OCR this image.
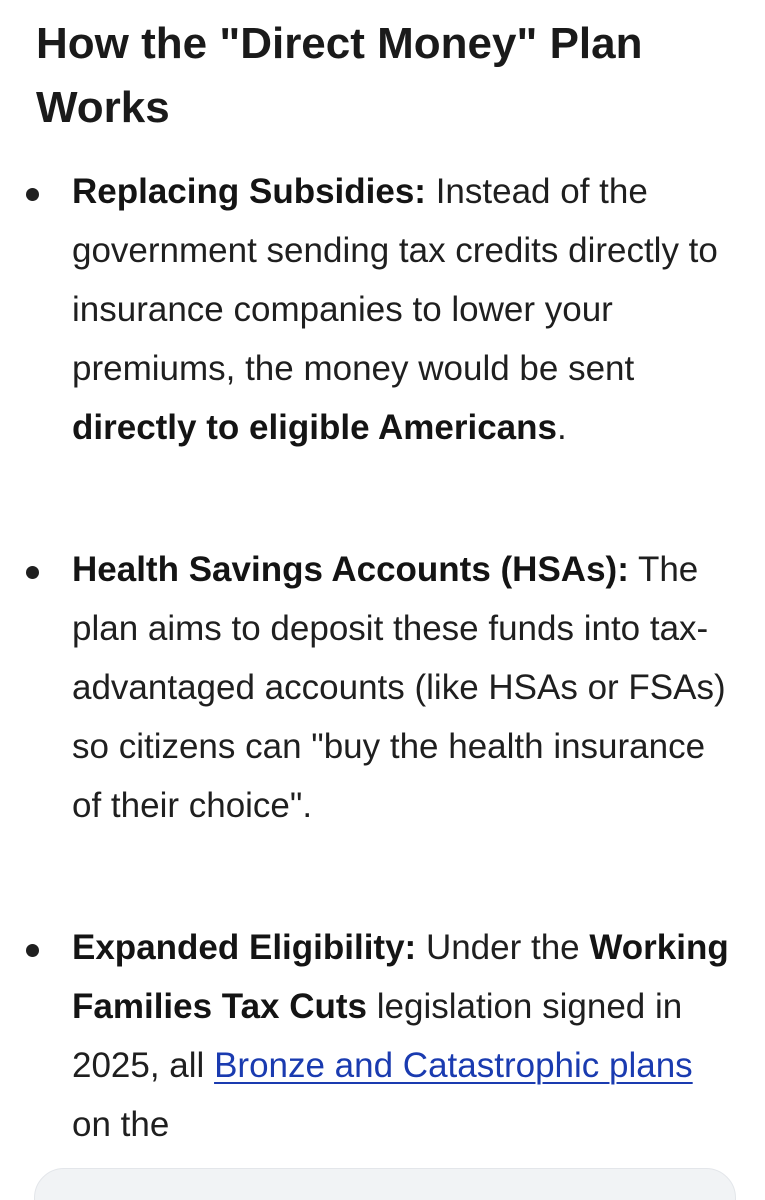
How the "Direct Money" Plan Works

Replacing Subsidies: Instead of the government sending tax credits directly to insurance companies to lower your premiums, the money would be sent directly to eligible Americans.

Health Savings Accounts (HSAs): The plan aims to deposit these funds into tax-advantaged accounts (like HSAs or FSAs) so citizens can "buy the health insurance of their choice".

Expanded Eligibility: Under the Working Families Tax Cuts legislation signed in 2025, all Bronze and Catastrophic plans on the
